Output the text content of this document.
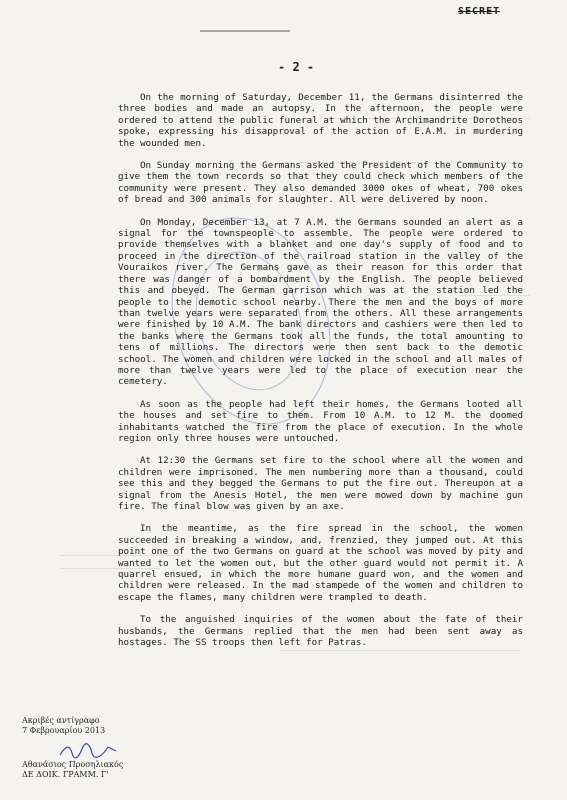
SECRET
- 2 -

On the morning of Saturday, December 11, the Germans disinterred the three bodies and made an autopsy. In the afternoon, the people were ordered to attend the public funeral at which the Archimandrite Dorotheos spoke, expressing his disapproval of the action of E.A.M. in murdering the wounded men.

On Sunday morning the Germans asked the President of the Community to give them the town records so that they could check which members of the community were present. They also demanded 3000 okes of wheat, 700 okes of bread and 300 animals for slaughter. All were delivered by noon.

On Monday, December 13, at 7 A.M. the Germans sounded an alert as a signal for the townspeople to assemble. The people were ordered to provide themselves with a blanket and one day's supply of food and to proceed in the direction of the railroad station in the valley of the Vouraikos river. The Germans gave as their reason for this order that there was danger of a bombardment by the English. The people believed this and obeyed. The German garrison which was at the station led the people to the demotic school nearby. There the men and the boys of more than twelve years were separated from the others. All these arrangements were finished by 10 A.M. The bank directors and cashiers were then led to the banks where the Germans took all the funds, the total amounting to tens of millions. The directors were then sent back to the demotic school. The women and children were locked in the school and all males of more than twelve years were led to the place of execution near the cemetery.

As soon as the people had left their homes, the Germans looted all the houses and set fire to them. From 10 A.M. to 12 M. the doomed inhabitants watched the fire from the place of execution. In the whole region only three houses were untouched.

At 12:30 the Germans set fire to the school where all the women and children were imprisoned. The men numbering more than a thousand, could see this and they begged the Germans to put the fire out. Thereupon at a signal from the Anesis Hotel, the men were mowed down by machine gun fire. The final blow was given by an axe.

In the meantime, as the fire spread in the school, the women succeeded in breaking a window, and, frenzied, they jumped out. At this point one of the two Germans on guard at the school was moved by pity and wanted to let the women out, but the other guard would not permit it. A quarrel ensued, in which the more humane guard won, and the women and children were released. In the mad stampede of the women and children to escape the flames, many children were trampled to death.

To the anguished inquiries of the women about the fate of their husbands, the Germans replied that the men had been sent away as hostages. The SS troops then left for Patras.

Ακριβές αντίγραφο
7 Φεβρουαρίου 2013
Αθανάσιος Προσηλιακός
ΔΕ ΔΟΙΚ. ΓΡΑΜΜ. Γ'
